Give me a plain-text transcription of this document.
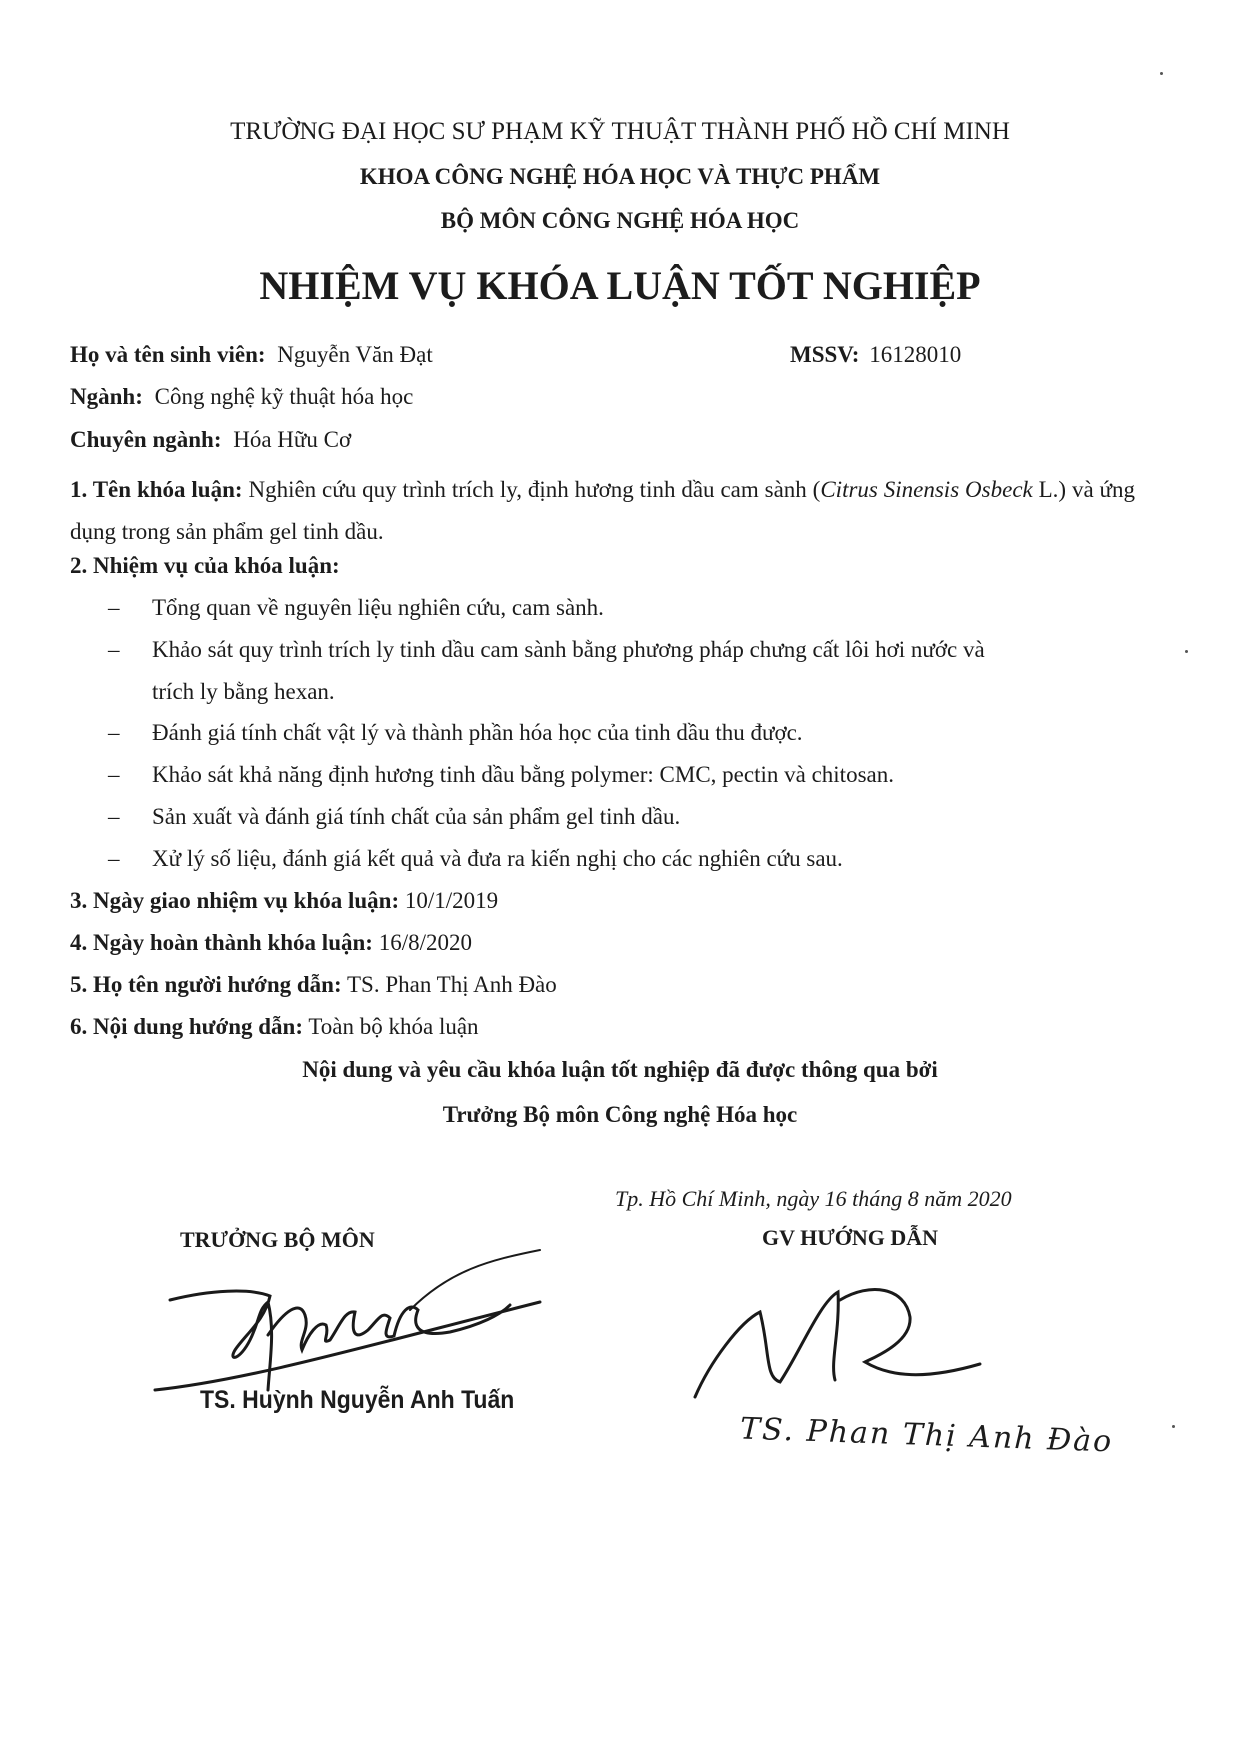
TRƯỜNG ĐẠI HỌC SƯ PHẠM KỸ THUẬT THÀNH PHỐ HỒ CHÍ MINH
KHOA CÔNG NGHỆ HÓA HỌC VÀ THỰC PHẨM
BỘ MÔN CÔNG NGHỆ HÓA HỌC
NHIỆM VỤ KHÓA LUẬN TỐT NGHIỆP
Họ và tên sinh viên: Nguyễn Văn Đạt	MSSV: 16128010
Ngành: Công nghệ kỹ thuật hóa học
Chuyên ngành: Hóa Hữu Cơ
1. Tên khóa luận: Nghiên cứu quy trình trích ly, định hương tinh dầu cam sành (Citrus Sinensis Osbeck L.) và ứng dụng trong sản phẩm gel tinh dầu.
2. Nhiệm vụ của khóa luận:
– Tổng quan về nguyên liệu nghiên cứu, cam sành.
– Khảo sát quy trình trích ly tinh dầu cam sành bằng phương pháp chưng cất lôi hơi nước và
trích ly bằng hexan.
– Đánh giá tính chất vật lý và thành phần hóa học của tinh dầu thu được.
– Khảo sát khả năng định hương tinh dầu bằng polymer: CMC, pectin và chitosan.
– Sản xuất và đánh giá tính chất của sản phẩm gel tinh dầu.
– Xử lý số liệu, đánh giá kết quả và đưa ra kiến nghị cho các nghiên cứu sau.
3. Ngày giao nhiệm vụ khóa luận: 10/1/2019
4. Ngày hoàn thành khóa luận: 16/8/2020
5. Họ tên người hướng dẫn: TS. Phan Thị Anh Đào
6. Nội dung hướng dẫn: Toàn bộ khóa luận
Nội dung và yêu cầu khóa luận tốt nghiệp đã được thông qua bởi
Trưởng Bộ môn Công nghệ Hóa học
Tp. Hồ Chí Minh, ngày 16 tháng 8 năm 2020
TRƯỞNG BỘ MÔN	GV HƯỚNG DẪN
TS. Huỳnh Nguyễn Anh Tuấn
TS. Phan Thị Anh Đào
